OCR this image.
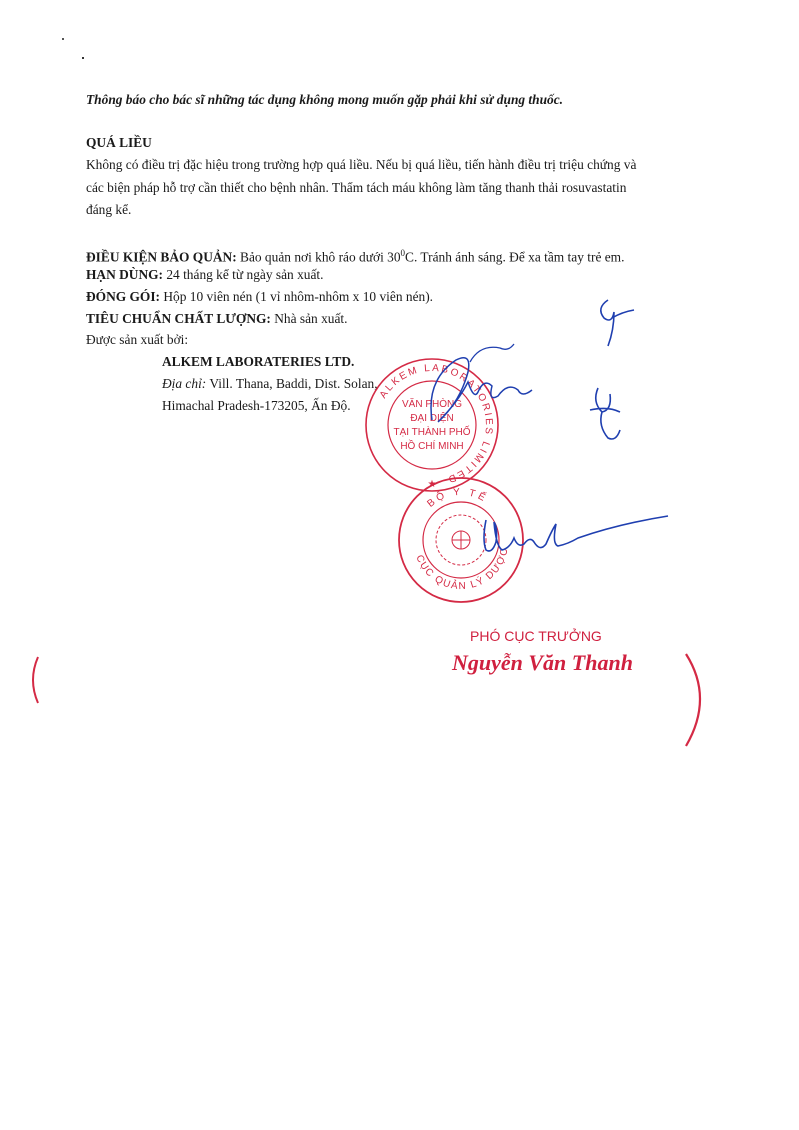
Thông báo cho bác sĩ những tác dụng không mong muốn gặp phải khi sử dụng thuốc.
QUÁ LIỀU
Không có điều trị đặc hiệu trong trường hợp quá liều. Nếu bị quá liều, tiến hành điều trị triệu chứng và
các biện pháp hỗ trợ cần thiết cho bệnh nhân. Thẩm tách máu không làm tăng thanh thải rosuvastatin
đáng kể.
ĐIỀU KIỆN BẢO QUẢN: Bảo quản nơi khô ráo dưới $30^0C$. Tránh ánh sáng. Để xa tầm tay trẻ em.
HẠN DÙNG: 24 tháng kể từ ngày sản xuất.
ĐÓNG GÓI: Hộp 10 viên nén (1 vỉ nhôm-nhôm x 10 viên nén).
TIÊU CHUẨN CHẤT LƯỢNG: Nhà sản xuất.
Được sản xuất bởi:
ALKEM LABORATERIES LTD.
Địa chỉ: Vill. Thana, Baddi, Dist. Solan,
Himachal Pradesh-173205, Ấn Độ.
ALKEM LABORATORIES LIMITED
VĂN PHÒNG
ĐẠI DIỆN
TẠI THÀNH PHỐ
HỒ CHÍ MINH
★
BỘ Y TẾ
CỤC QUẢN LÝ DƯỢC
PHÓ CỤC TRƯỞNG
Nguyễn Văn Thanh
